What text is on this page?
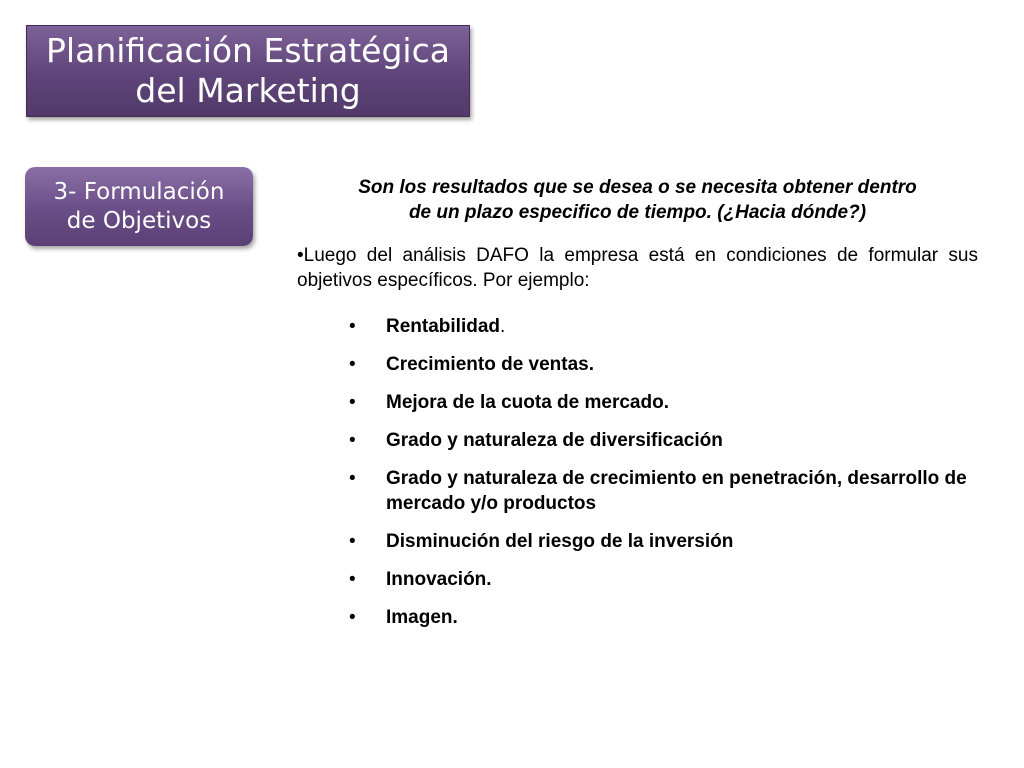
Planificación Estratégica
del Marketing
3- Formulación
de Objetivos

Son los resultados que se desea o se necesita obtener dentro
de un plazo especifico de tiempo. (¿Hacia dónde?)

•Luego del análisis DAFO la empresa está en condiciones de formular sus objetivos específicos. Por ejemplo:

• Rentabilidad.
• Crecimiento de ventas.
• Mejora de la cuota de mercado.
• Grado y naturaleza de diversificación
• Grado y naturaleza de crecimiento en penetración, desarrollo de mercado y/o productos
• Disminución del riesgo de la inversión
• Innovación.
• Imagen.
